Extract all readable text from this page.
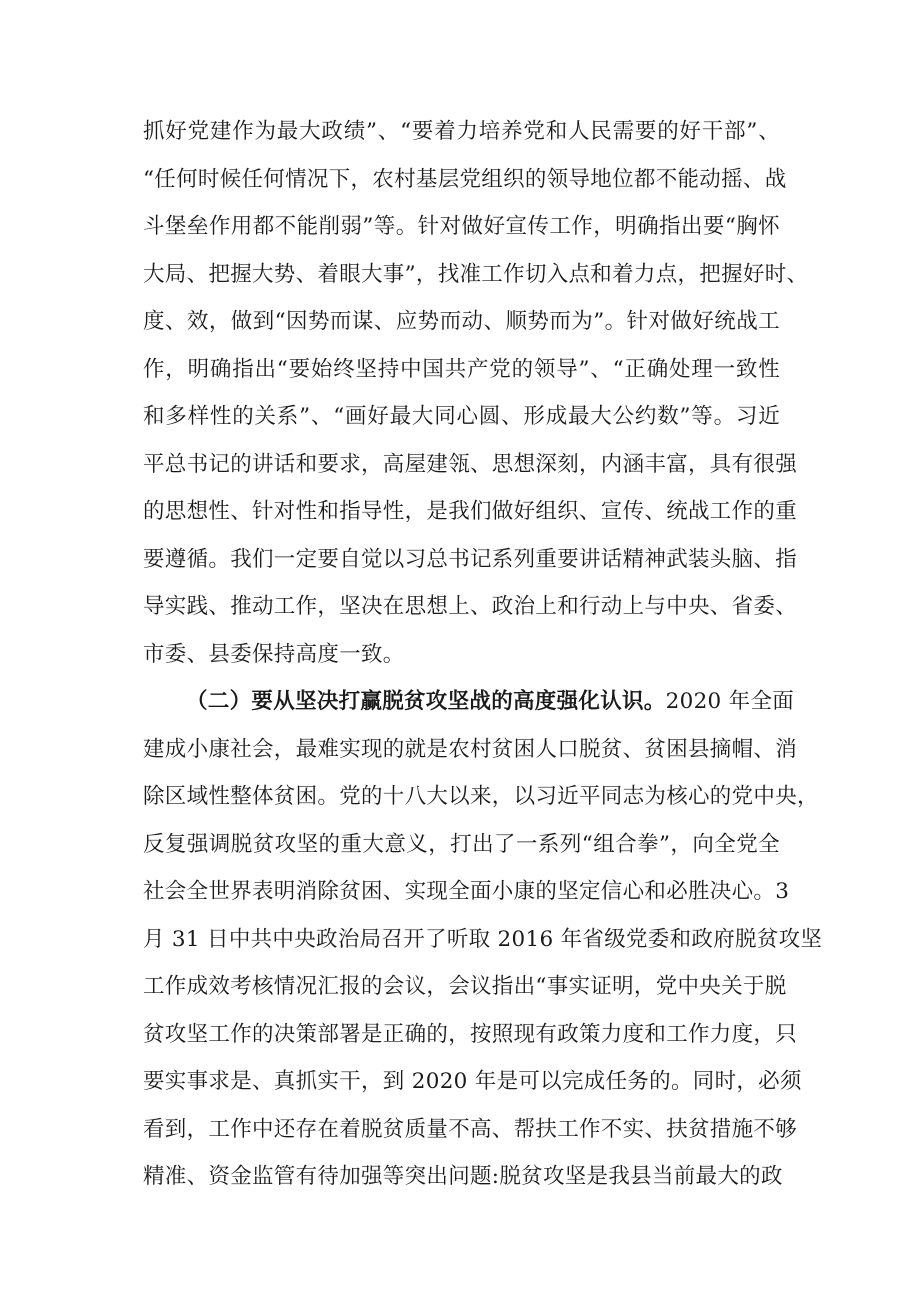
抓好党建作为最大政绩”、“要着力培养党和人民需要的好干部”、
“任何时候任何情况下，农村基层党组织的领导地位都不能动摇、战
斗堡垒作用都不能削弱”等。针对做好宣传工作，明确指出要“胸怀
大局、把握大势、着眼大事”，找准工作切入点和着力点，把握好时、
度、效，做到“因势而谋、应势而动、顺势而为”。针对做好统战工
作，明确指出“要始终坚持中国共产党的领导”、“正确处理一致性
和多样性的关系”、“画好最大同心圆、形成最大公约数”等。习近
平总书记的讲话和要求，高屋建瓴、思想深刻，内涵丰富，具有很强
的思想性、针对性和指导性，是我们做好组织、宣传、统战工作的重
要遵循。我们一定要自觉以习总书记系列重要讲话精神武装头脑、指
导实践、推动工作，坚决在思想上、政治上和行动上与中央、省委、
市委、县委保持高度一致。
（二）要从坚决打赢脱贫攻坚战的高度强化认识。2020 年全面
建成小康社会，最难实现的就是农村贫困人口脱贫、贫困县摘帽、消
除区域性整体贫困。党的十八大以来，以习近平同志为核心的党中央，
反复强调脱贫攻坚的重大意义，打出了一系列“组合拳”，向全党全
社会全世界表明消除贫困、实现全面小康的坚定信心和必胜决心。3
月 31 日中共中央政治局召开了听取 2016 年省级党委和政府脱贫攻坚
工作成效考核情况汇报的会议，会议指出“事实证明，党中央关于脱
贫攻坚工作的决策部署是正确的，按照现有政策力度和工作力度，只
要实事求是、真抓实干，到 2020 年是可以完成任务的。同时，必须
看到，工作中还存在着脱贫质量不高、帮扶工作不实、扶贫措施不够
精准、资金监管有待加强等突出问题:脱贫攻坚是我县当前最大的政
